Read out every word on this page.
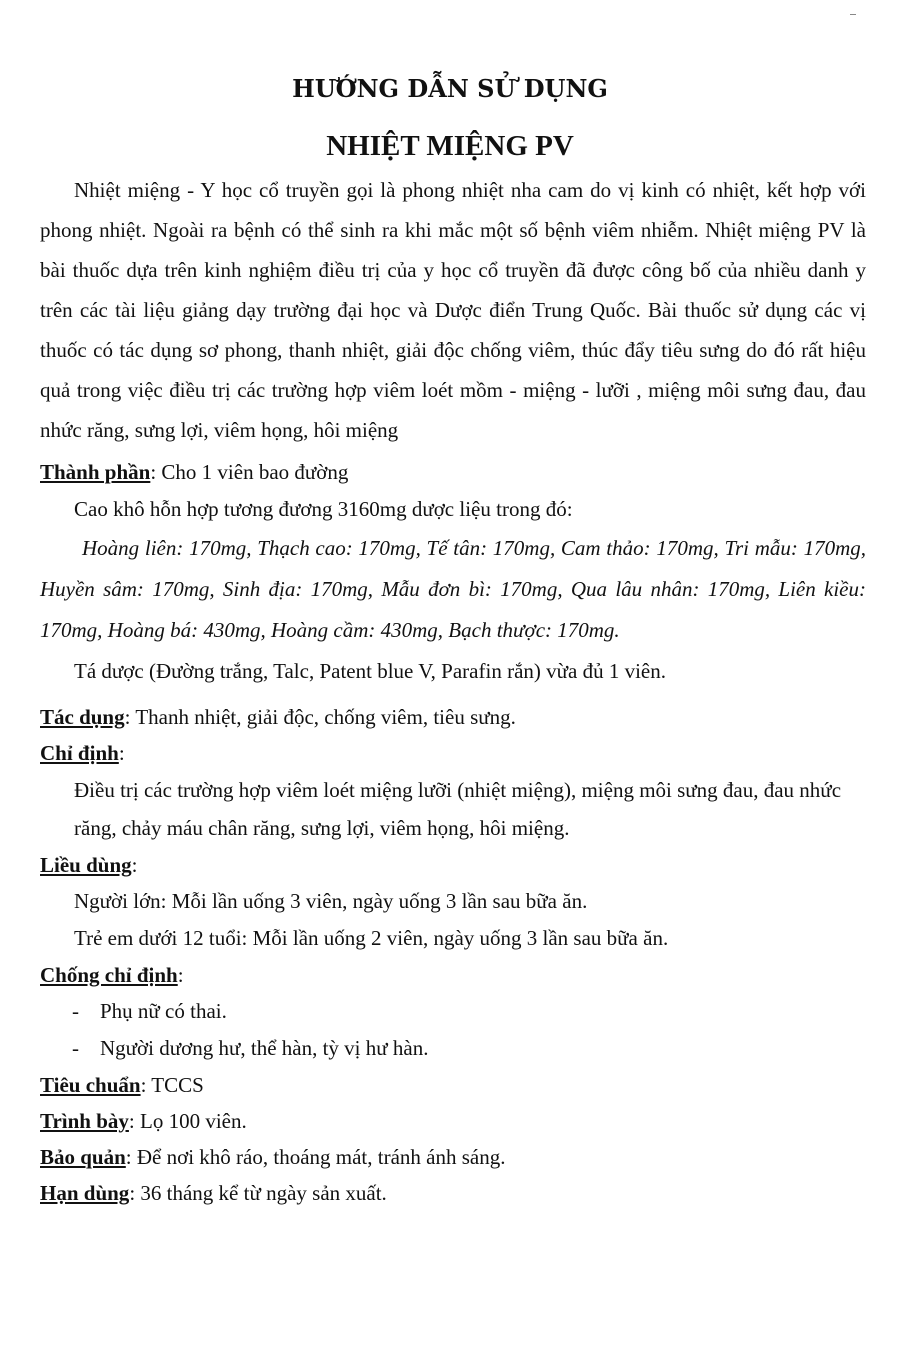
HƯỚNG DẪN SỬ DỤNG
NHIỆT MIỆNG PV

Nhiệt miệng - Y học cổ truyền gọi là phong nhiệt nha cam do vị kinh có nhiệt, kết hợp với phong nhiệt. Ngoài ra bệnh có thể sinh ra khi mắc một số bệnh viêm nhiễm. Nhiệt miệng PV là bài thuốc dựa trên kinh nghiệm điều trị của y học cổ truyền đã được công bố của nhiều danh y trên các tài liệu giảng dạy trường đại học và Dược điển Trung Quốc. Bài thuốc sử dụng các vị thuốc có tác dụng sơ phong, thanh nhiệt, giải độc chống viêm, thúc đẩy tiêu sưng do đó rất hiệu quả trong việc điều trị các trường hợp viêm loét mồm - miệng - lưỡi , miệng môi sưng đau, đau nhức răng, sưng lợi, viêm họng, hôi miệng

Thành phần: Cho 1 viên bao đường

Cao khô hỗn hợp tương đương 3160mg dược liệu trong đó:

Hoàng liên: 170mg, Thạch cao: 170mg, Tế tân: 170mg, Cam thảo: 170mg, Tri mẫu: 170mg, Huyền sâm: 170mg, Sinh địa: 170mg, Mẫu đơn bì: 170mg, Qua lâu nhân: 170mg, Liên kiều: 170mg, Hoàng bá: 430mg, Hoàng cầm: 430mg, Bạch thược: 170mg.

Tá dược (Đường trắng, Talc, Patent blue V, Parafin rắn) vừa đủ 1 viên.

Tác dụng: Thanh nhiệt, giải độc, chống viêm, tiêu sưng.

Chỉ định:

Điều trị các trường hợp viêm loét miệng lưỡi (nhiệt miệng), miệng môi sưng đau, đau nhức răng, chảy máu chân răng, sưng lợi, viêm họng, hôi miệng.

Liều dùng:

Người lớn: Mỗi lần uống 3 viên, ngày uống 3 lần sau bữa ăn.

Trẻ em dưới 12 tuổi: Mỗi lần uống 2 viên, ngày uống 3 lần sau bữa ăn.

Chống chỉ định:

- Phụ nữ có thai.

- Người dương hư, thể hàn, tỳ vị hư hàn.

Tiêu chuẩn: TCCS

Trình bày: Lọ 100 viên.

Bảo quản: Để nơi khô ráo, thoáng mát, tránh ánh sáng.

Hạn dùng: 36 tháng kể từ ngày sản xuất.
